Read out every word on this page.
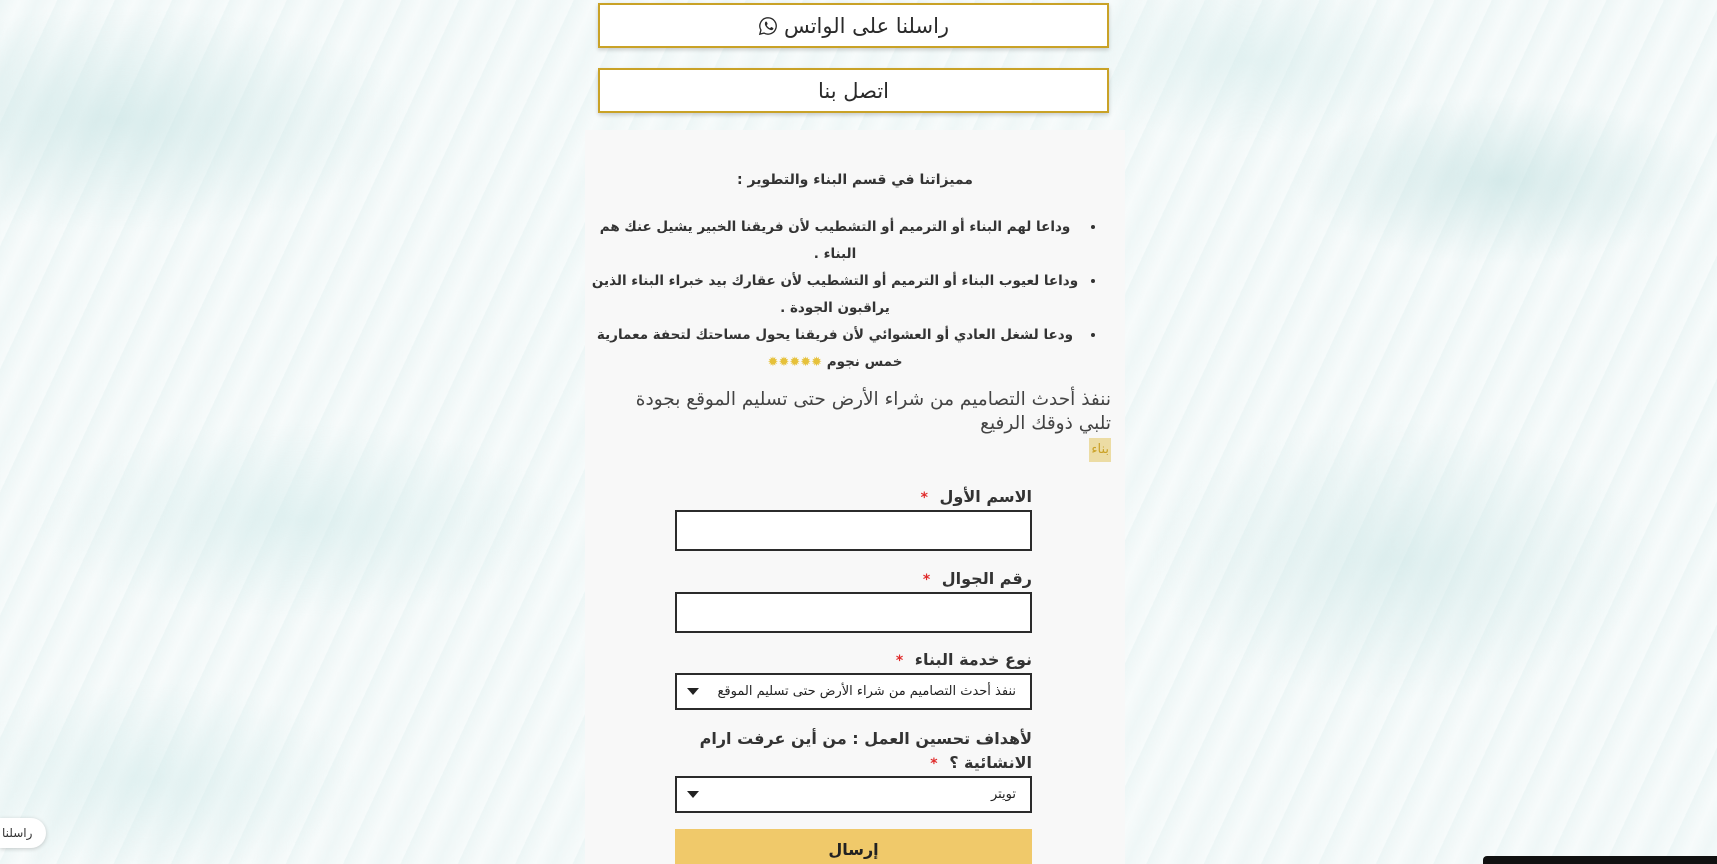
راسلنا على الواتس
اتصل بنا
مميزاتنا في قسم البناء والتطوير :
• وداعا لهم البناء أو الترميم أو التشطيب لأن فريقنا الخبير يشيل عنك هم البناء .
• وداعا لعيوب البناء أو الترميم أو التشطيب لأن عقارك بيد خبراء البناء الذين يراقبون الجودة .
• ودعا لشغل العادي أو العشوائي لأن فريقنا يحول مساحتك لتحفة معمارية خمس نجوم ✹✹✹✹✹
ننفذ أحدث التصاميم من شراء الأرض حتى تسليم الموقع بجودة تلبي ذوقك الرفيع
بناء
الاسم الأول *
رقم الجوال *
نوع خدمة البناء *
ننفذ أحدث التصاميم من شراء الأرض حتى تسليم الموقع
لأهداف تحسين العمل : من أين عرفت ارام الانشائية ؟ *
تويتر
إرسال
راسلنا
